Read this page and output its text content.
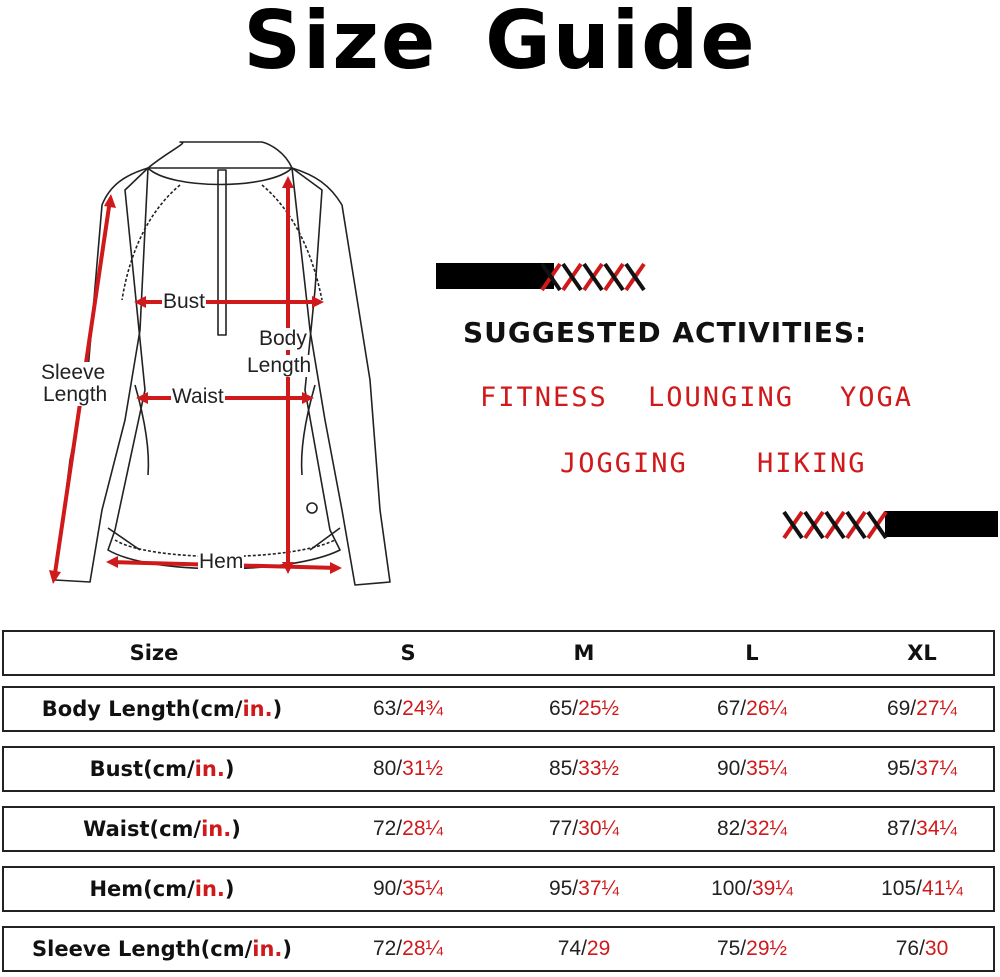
Size Guide
Bust
Body
Length
Sleeve
Length	Waist
Hem
SUGGESTED ACTIVITIES:
FITNESS LOUNGING YOGA
JOGGING	HIKING
Size	S	M	L	XL
Body Length(cm/ in. )	63/ 24¾	65/ 25½	67/ 26¼	69/ 27¼
Bust(cm/ in. )	80/ 31½	85/ 33½	90/ 35¼	95/ 37¼
Waist(cm/ in. )	72/ 28¼	77/ 30¼	82/ 32¼	87/ 34¼
Hem(cm/ in. )	90/ 35¼	95/ 37¼	100/ 39¼	105/ 41¼
Sleeve Length(cm/ in. )	72/ 28¼	74/ 29	75/ 29½	76/ 30
